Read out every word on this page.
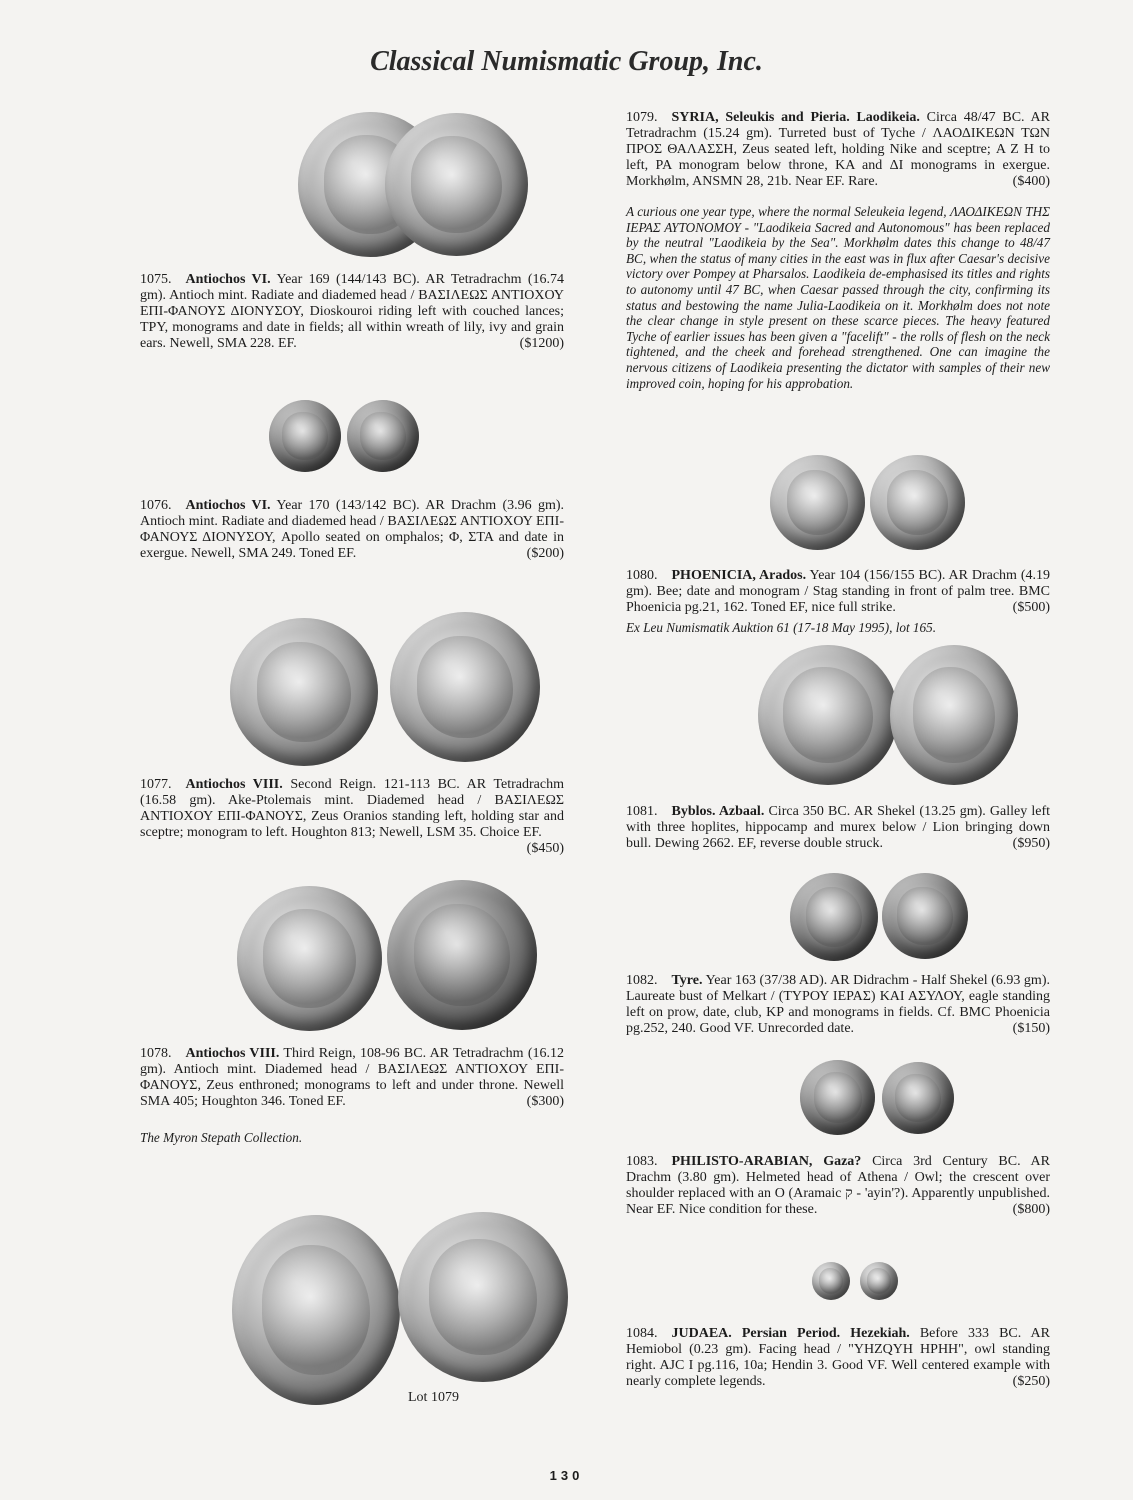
Classical Numismatic Group, Inc.
1075. Antiochos VI. Year 169 (144/143 BC). AR Tetradrachm (16.74 gm). Antioch mint. Radiate and diademed head / ΒΑΣΙΛΕΩΣ ΑΝΤΙΟΧΟΥ ΕΠΙ-ΦΑΝΟΥΣ ΔΙΟΝΥΣΟΥ, Dioskouroi riding left with couched lances; ΤΡΥ, monograms and date in fields; all within wreath of lily, ivy and grain ears. Newell, SMA 228. EF.	($1200)
1076. Antiochos VI. Year 170 (143/142 BC). AR Drachm (3.96 gm). Antioch mint. Radiate and diademed head / ΒΑΣΙΛΕΩΣ ΑΝΤΙΟΧΟΥ ΕΠΙ-ΦΑΝΟΥΣ ΔΙΟΝΥΣΟΥ, Apollo seated on omphalos; Φ, ΣΤΑ and date in exergue. Newell, SMA 249. Toned EF.	($200)
1077. Antiochos VIII. Second Reign. 121-113 BC. AR Tetradrachm (16.58 gm). Ake-Ptolemais mint. Diademed head / ΒΑΣΙΛΕΩΣ ΑΝΤΙΟΧΟΥ ΕΠΙ-ΦΑΝΟΥΣ, Zeus Oranios standing left, holding star and sceptre; monogram to left. Houghton 813; Newell, LSM 35. Choice EF.
($450)
1078. Antiochos VIII. Third Reign, 108-96 BC. AR Tetradrachm (16.12 gm). Antioch mint. Diademed head / ΒΑΣΙΛΕΩΣ ΑΝΤΙΟΧΟΥ ΕΠΙ-ΦΑΝΟΥΣ, Zeus enthroned; monograms to left and under throne. Newell SMA 405; Houghton 346. Toned EF.	($300)
The Myron Stepath Collection.
Lot 1079
1079. SYRIA, Seleukis and Pieria. Laodikeia. Circa 48/47 BC. AR Tetradrachm (15.24 gm). Turreted bust of Tyche / ΛΑΟΔΙΚΕΩΝ ΤΩΝ ΠΡΟΣ ΘΑΛΑΣΣΗ, Zeus seated left, holding Nike and sceptre; Α Ζ Η to left, ΡΑ monogram below throne, ΚΑ and ΔΙ monograms in exergue. Morkhølm, ANSMN 28, 21b. Near EF. Rare.	($400)
A curious one year type, where the normal Seleukeia legend, ΛΑΟΔΙΚΕΩΝ ΤΗΣ ΙΕΡΑΣ ΑΥΤΟΝΟΜΟΥ - "Laodikeia Sacred and Autonomous" has been replaced by the neutral "Laodikeia by the Sea". Morkhølm dates this change to 48/47 BC, when the status of many cities in the east was in flux after Caesar's decisive victory over Pompey at Pharsalos. Laodikeia de-emphasised its titles and rights to autonomy until 47 BC, when Caesar passed through the city, confirming its status and bestowing the name Julia-Laodikeia on it. Morkhølm does not note the clear change in style present on these scarce pieces. The heavy featured Tyche of earlier issues has been given a "facelift" - the rolls of flesh on the neck tightened, and the cheek and forehead strengthened. One can imagine the nervous citizens of Laodikeia presenting the dictator with samples of their new improved coin, hoping for his approbation.
1080. PHOENICIA, Arados. Year 104 (156/155 BC). AR Drachm (4.19 gm). Bee; date and monogram / Stag standing in front of palm tree. BMC Phoenicia pg.21, 162. Toned EF, nice full strike.	($500)
Ex Leu Numismatik Auktion 61 (17-18 May 1995), lot 165.
1081. Byblos. Azbaal. Circa 350 BC. AR Shekel (13.25 gm). Galley left with three hoplites, hippocamp and murex below / Lion bringing down bull. Dewing 2662. EF, reverse double struck.	($950)
1082. Tyre. Year 163 (37/38 AD). AR Didrachm - Half Shekel (6.93 gm). Laureate bust of Melkart / (ΤΥΡΟΥ ΙΕΡΑΣ) ΚΑΙ ΑΣΥΛΟΥ, eagle standing left on prow, date, club, ΚΡ and monograms in fields. Cf. BMC Phoenicia pg.252, 240. Good VF. Unrecorded date.	($150)
1083. PHILISTO-ARABIAN, Gaza? Circa 3rd Century BC. AR Drachm (3.80 gm). Helmeted head of Athena / Owl; the crescent over shoulder replaced with an O (Aramaic ק - 'ayin'?). Apparently unpublished. Near EF. Nice condition for these.	($800)
1084. JUDAEA. Persian Period. Hezekiah. Before 333 BC. AR Hemiobol (0.23 gm). Facing head / "YHZQYH HPHH", owl standing right. AJC I pg.116, 10a; Hendin 3. Good VF. Well centered example with nearly complete legends.	($250)
130
